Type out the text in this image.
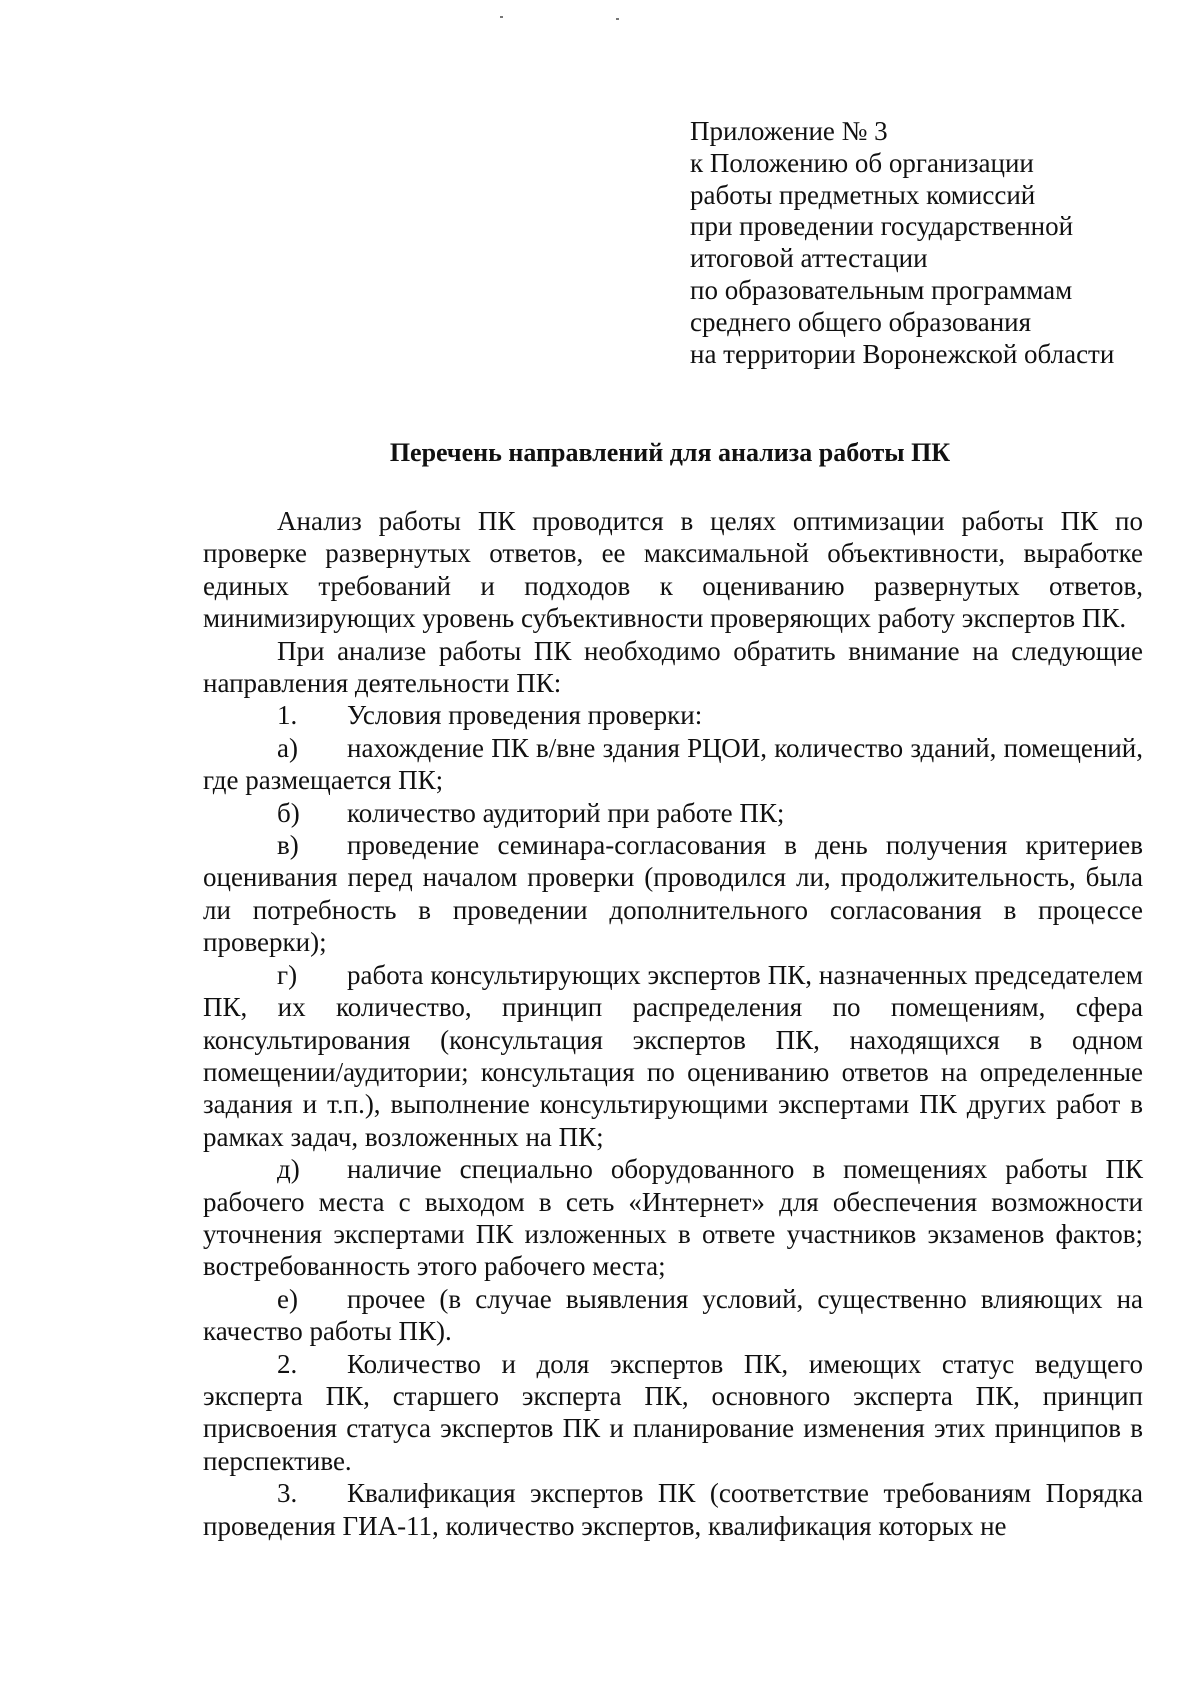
Приложение № 3
к Положению об организации
работы предметных комиссий
при проведении государственной
итоговой аттестации
по образовательным программам
среднего общего образования
на территории Воронежской области
Перечень направлений для анализа работы ПК

Анализ работы ПК проводится в целях оптимизации работы ПК по проверке развернутых ответов, ее максимальной объективности, выработке единых требований и подходов к оцениванию развернутых ответов, минимизирующих уровень субъективности проверяющих работу экспертов ПК.

При анализе работы ПК необходимо обратить внимание на следующие направления деятельности ПК:

1. Условия проведения проверки:

а) нахождение ПК в/вне здания РЦОИ, количество зданий, помещений, где размещается ПК;

б) количество аудиторий при работе ПК;

в) проведение семинара-согласования в день получения критериев оценивания перед началом проверки (проводился ли, продолжительность, была ли потребность в проведении дополнительного согласования в процессе проверки);

г) работа консультирующих экспертов ПК, назначенных председателем ПК, их количество, принцип распределения по помещениям, сфера консультирования (консультация экспертов ПК, находящихся в одном помещении/аудитории; консультация по оцениванию ответов на определенные задания и т.п.), выполнение консультирующими экспертами ПК других работ в рамках задач, возложенных на ПК;

д) наличие специально оборудованного в помещениях работы ПК рабочего места с выходом в сеть «Интернет» для обеспечения возможности уточнения экспертами ПК изложенных в ответе участников экзаменов фактов; востребованность этого рабочего места;

е) прочее (в случае выявления условий, существенно влияющих на качество работы ПК).

2. Количество и доля экспертов ПК, имеющих статус ведущего эксперта ПК, старшего эксперта ПК, основного эксперта ПК, принцип присвоения статуса экспертов ПК и планирование изменения этих принципов в перспективе.

3. Квалификация экспертов ПК (соответствие требованиям Порядка проведения ГИА-11, количество экспертов, квалификация которых не
